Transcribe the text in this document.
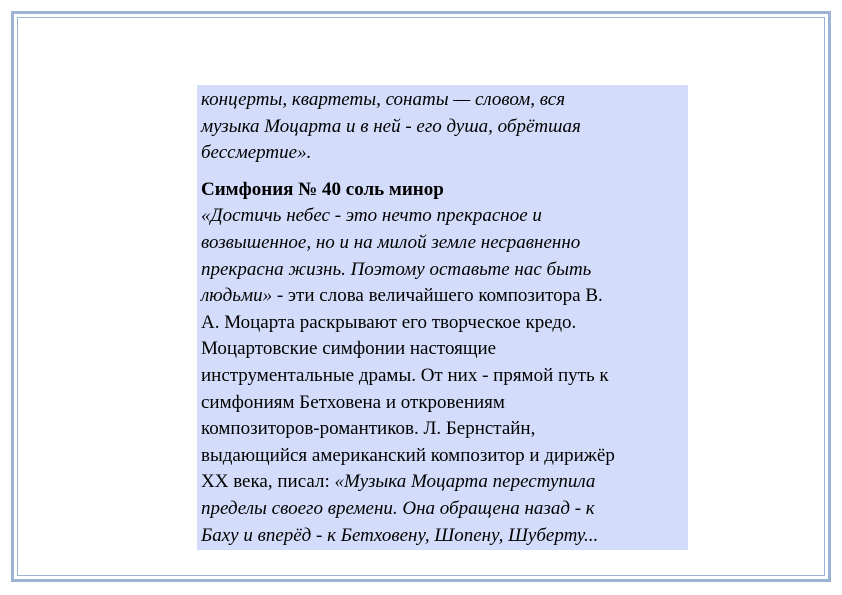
концерты, квартеты, сонаты — словом, вся
музыка Моцарта и в ней - его душа, обрётшая
бессмертие».
Симфония № 40 соль минор
«Достичь небес - это нечто прекрасное и
возвышенное, но и на милой земле несравненно
прекрасна жизнь. Поэтому оставьте нас быть
людьми» - эти слова величайшего композитора В.
А. Моцарта раскрывают его творческое кредо.
Моцартовские симфонии настоящие
инструментальные драмы. От них - прямой путь к
симфониям Бетховена и откровениям
композиторов-романтиков. Л. Бернстайн,
выдающийся американский композитор и дирижёр
XX века, писал: «Музыка Моцарта переступила
пределы своего времени. Она обращена назад - к
Баху и вперёд - к Бетховену, Шопену, Шуберту...
